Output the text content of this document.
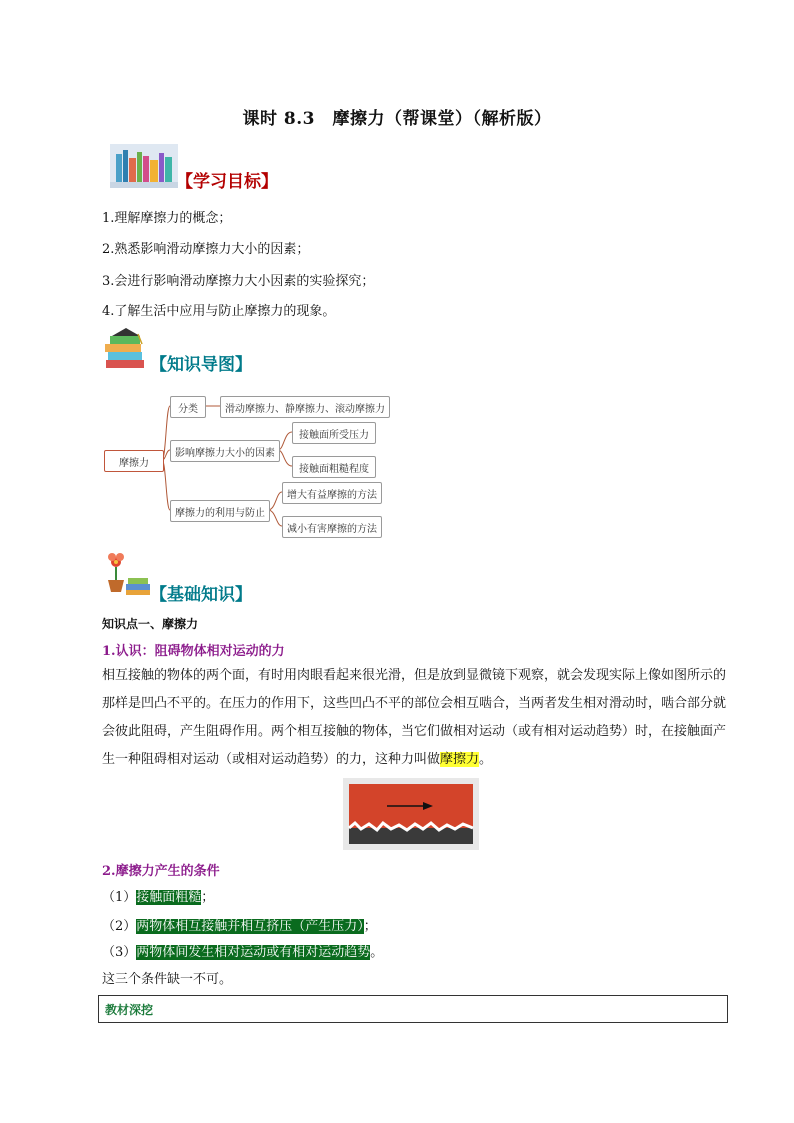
课时 8.3　摩擦力（帮课堂）（解析版）
【学习目标】
1.理解摩擦力的概念；
2.熟悉影响滑动摩擦力大小的因素；
3.会进行影响滑动摩擦力大小因素的实验探究；
4.了解生活中应用与防止摩擦力的现象。
【知识导图】
摩擦力
分类	滑动摩擦力、静摩擦力、滚动摩擦力
影响摩擦力大小的因素
接触面所受压力
接触面粗糙程度
摩擦力的利用与防止
增大有益摩擦的方法
减小有害摩擦的方法
【基础知识】
知识点一、摩擦力
1.认识：阻碍物体相对运动的力
相互接触的物体的两个面，有时用肉眼看起来很光滑，但是放到显微镜下观察，就会发现实际上像如图所示的那样是凹凸不平的。在压力的作用下，这些凹凸不平的部位会相互啮合，当两者发生相对滑动时，啮合部分就会彼此阻碍，产生阻碍作用。两个相互接触的物体，当它们做相对运动（或有相对运动趋势）时，在接触面产生一种阻碍相对运动（或相对运动趋势）的力，这种力叫做摩擦力。
2.摩擦力产生的条件
（1）接触面粗糙；
（2）两物体相互接触并相互挤压（产生压力）；
（3）两物体间发生相对运动或有相对运动趋势。
这三个条件缺一不可。
教材深挖
